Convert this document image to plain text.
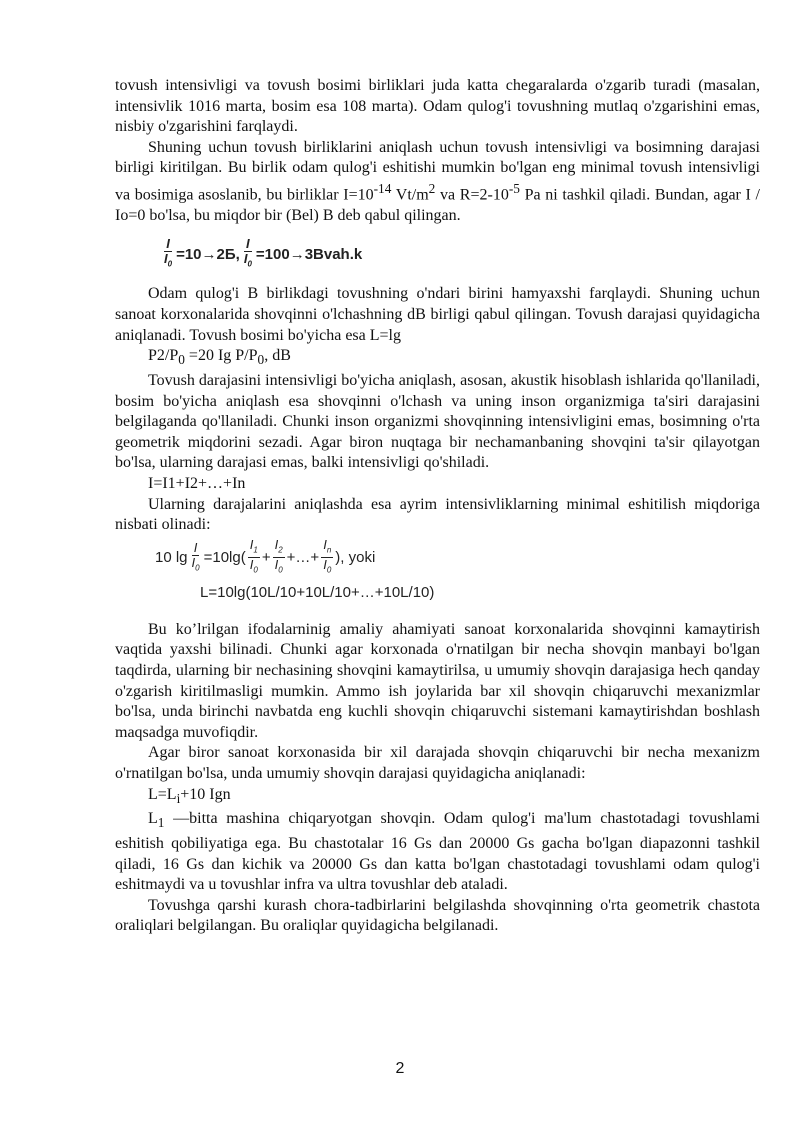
tovush intensivligi va tovush bosimi birliklari juda katta chegaralarda o'zgarib turadi (masalan, intensivlik 1016 marta, bosim esa 108 marta). Odam qulog'i tovushning mutlaq o'zgarishini emas, nisbiy o'zgarishini farqlaydi.

Shuning uchun tovush birliklarini aniqlash uchun tovush intensivligi va bosimning darajasi birligi kiritilgan. Bu birlik odam qulog'i eshitishi mumkin bo'lgan eng minimal tovush intensivligi va bosimiga asoslanib, bu birliklar $I=10^{-14}$ $Vt/m^2$ va $R=2-10^{-5}$ Pa ni tashkil qiladi. Bundan, agar I / Io=0 bo'lsa, bu miqdor bir (Bel) B deb qabul qilingan.

$\frac{I}{I_0} =10\to 2Б$, $\frac{I}{I_0}$ =100→3Bvah.k

Odam qulog'i B birlikdagi tovushning o'ndari birini hamyaxshi farqlaydi. Shuning uchun sanoat korxonalarida shovqinni o'lchashning dB birligi qabul qilingan. Tovush darajasi quyidagicha aniqlanadi. Tovush bosimi bo'yicha esa L=lg

$P2/P_0 =20$ Ig $P/P_0$, dB

Tovush darajasini intensivligi bo'yicha aniqlash, asosan, akustik hisoblash ishlarida qo'llaniladi, bosim bo'yicha aniqlash esa shovqinni o'lchash va uning inson organizmiga ta'siri darajasini belgilaganda qo'llaniladi. Chunki inson organizmi shovqinning intensivligini emas, bosimning o'rta geometrik miqdorini sezadi. Agar biron nuqtaga bir nechamanbaning shovqini ta'sir qilayotgan bo'lsa, ularning darajasi emas, balki intensivligi qo'shiladi.

I=I1+I2+…+In

Ularning darajalarini aniqlashda esa ayrim intensivliklarning minimal eshitilish miqdoriga nisbati olinadi:

10 $\lg \frac{I}{I_0} =10\lg( \frac{I_1}{I_0} + \frac{I_2}{I_0}$ +…+ $\frac{I_n}{I_0}$ ), yoki
L=10lg(10L/10+10L/10+…+10L/10)

Bu ko’lrilgan ifodalarninig amaliy ahamiyati sanoat korxonalarida shovqinni kamaytirish vaqtida yaxshi bilinadi. Chunki agar korxonada o'rnatilgan bir necha shovqin manbayi bo'lgan taqdirda, ularning bir nechasining shovqini kamaytirilsa, u umumiy shovqin darajasiga hech qanday o'zgarish kiritilmasligi mumkin. Ammo ish joylarida bar xil shovqin chiqaruvchi mexanizmlar bo'lsa, unda birinchi navbatda eng kuchli shovqin chiqaruvchi sistemani kamaytirishdan boshlash maqsadga muvofiqdir.

Agar biror sanoat korxonasida bir xil darajada shovqin chiqaruvchi bir necha mexanizm o'rnatilgan bo'lsa, unda umumiy shovqin darajasi quyidagicha aniqlanadi:

$L=L_i+10$ Ign

$L_1$ —bitta mashina chiqaryotgan shovqin. Odam qulog'i ma'lum chastotadagi tovushlami eshitish qobiliyatiga ega. Bu chastotalar 16 Gs dan 20000 Gs gacha bo'lgan diapazonni tashkil qiladi, 16 Gs dan kichik va 20000 Gs dan katta bo'lgan chastotadagi tovushlami odam qulog'i eshitmaydi va u tovushlar infra va ultra tovushlar deb ataladi.

Tovushga qarshi kurash chora-tadbirlarini belgilashda shovqinning o'rta geometrik chastota oraliqlari belgilangan. Bu oraliqlar quyidagicha belgilanadi.

2
